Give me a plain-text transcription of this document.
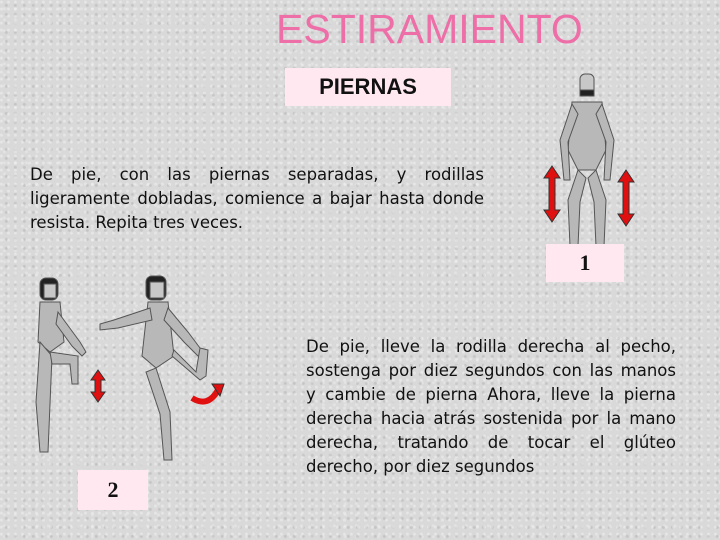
ESTIRAMIENTO
PIERNAS
De pie, con las piernas separadas, y rodillas ligeramente dobladas, comience a bajar hasta donde resista. Repita tres veces.
1
2
De pie, lleve la rodilla derecha al pecho, sostenga por diez segundos con las manos y cambie de pierna Ahora, lleve la pierna derecha hacia atrás sostenida por la mano derecha, tratando de tocar el glúteo derecho, por diez segundos
